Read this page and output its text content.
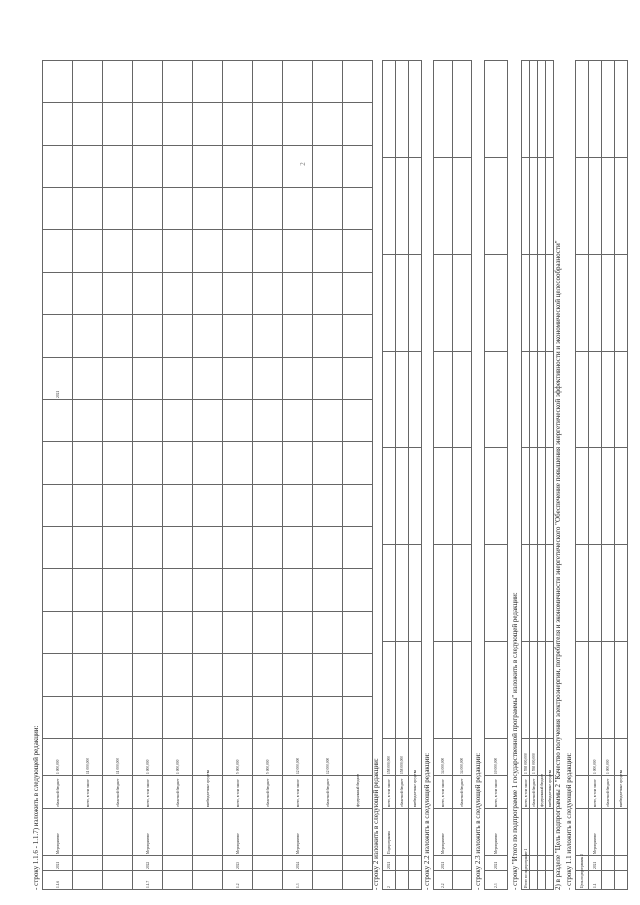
2
- строку 1.1.6 - 1.1.7) изложить в следующей редакции:	- строку 2 изложить в следующей редакции:	- строку 2.2 изложить в следующей редакции:	- строку 2.3 изложить в следующей редакции:	- строку "Итого по подпрограмме 1 государственной программы" изложить в следующей редакции:	2) в разделе "Цель подпрограммы 2 "Качество получения электроэнергии, потребителя и экономичности энергетического "Обеспечение повышения энергетической эффективности и экономической целесообразности" - строку 1.1 изложить в следующей редакции:
1.1.6	2021	Мероприятие	областной бюджет	1 000,000									2021							
			всего, в том числе	11 000,000																
			областной бюджет	11 000,000																
1.1.7	2022	Мероприятие	всего, в том числе	1 000,000																
			областной бюджет	1 000,000																
			внебюджетные средства																	
1.2	2023	Мероприятие	всего, в том числе	5 000,000																
			областной бюджет	5 000,000																
1.3	2024	Мероприятие	всего, в том числе	12 000,000																
			областной бюджет	12 000,000																
			федеральный бюджет																	
2	2021	Подпрограмма	всего, в том числе	158 000,000							
			областной бюджет	158 000,000							
			внебюджетные средства								
2.2	2021	Мероприятие	всего, в том числе	34 000,000							
			областной бюджет	34 000,000							
2.3	2021	Мероприятие	всего, в том числе	10 000,000							
Итого по подпрограмме 1			всего, в том числе	1 558 000,000							
			областной бюджет	1 558 000,000							
			федеральный бюджет								
			внебюджетные средства								
Цель подпрограммы 2											
1.1	2021	Мероприятие	всего, в том числе	1 000,000							
			областной бюджет	1 000,000							
			внебюджетные средства								
